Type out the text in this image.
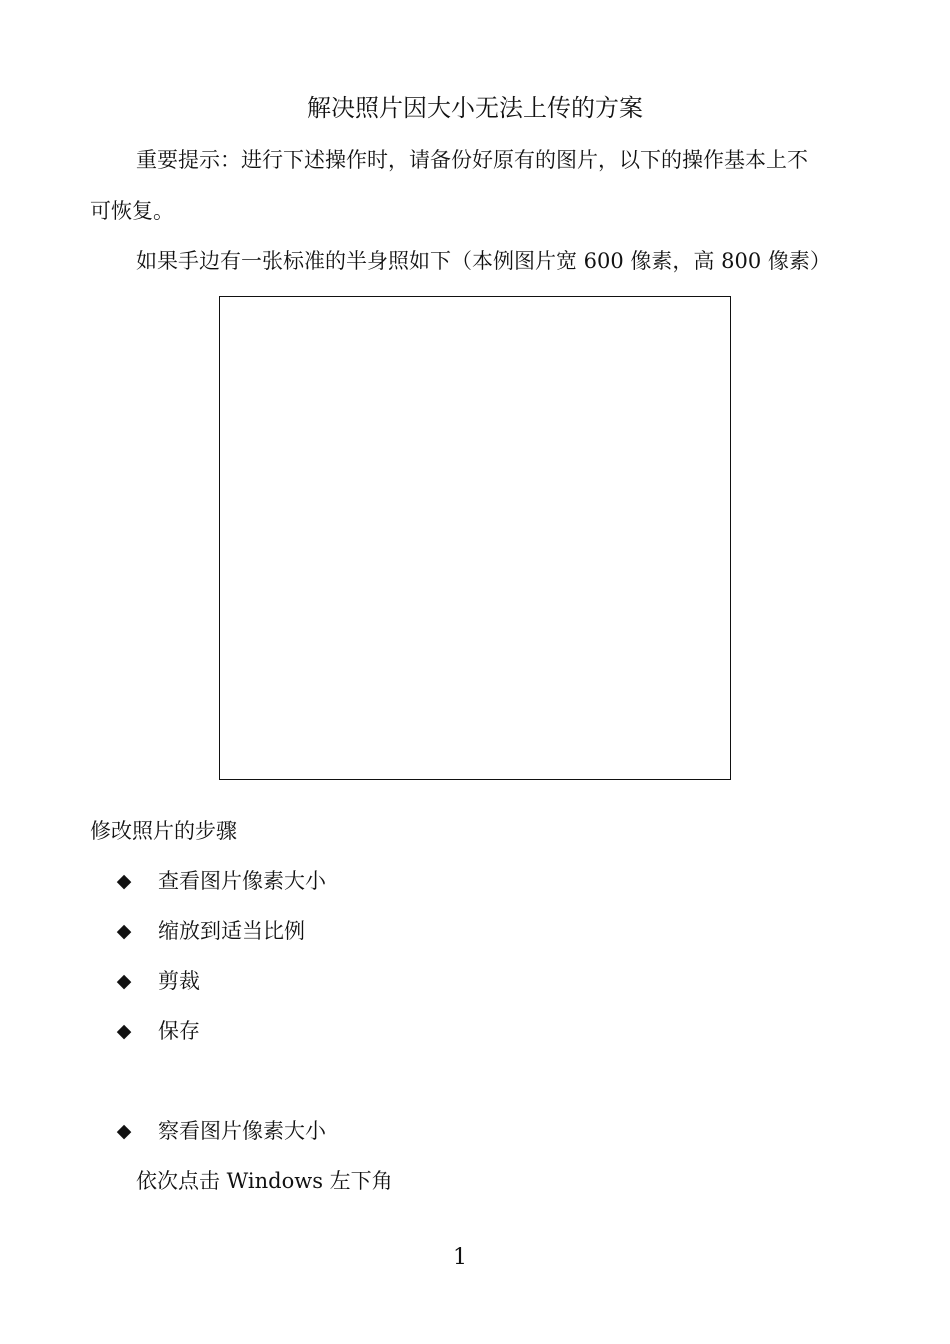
解决照片因大小无法上传的方案
重要提示：进行下述操作时，请备份好原有的图片，以下的操作基本上不
可恢复。
如果手边有一张标准的半身照如下（本例图片宽 600 像素，高 800 像素）
修改照片的步骤
◆ 查看图片像素大小
◆ 缩放到适当比例
◆ 剪裁
◆ 保存
◆ 察看图片像素大小
依次点击 Windows 左下角
1
